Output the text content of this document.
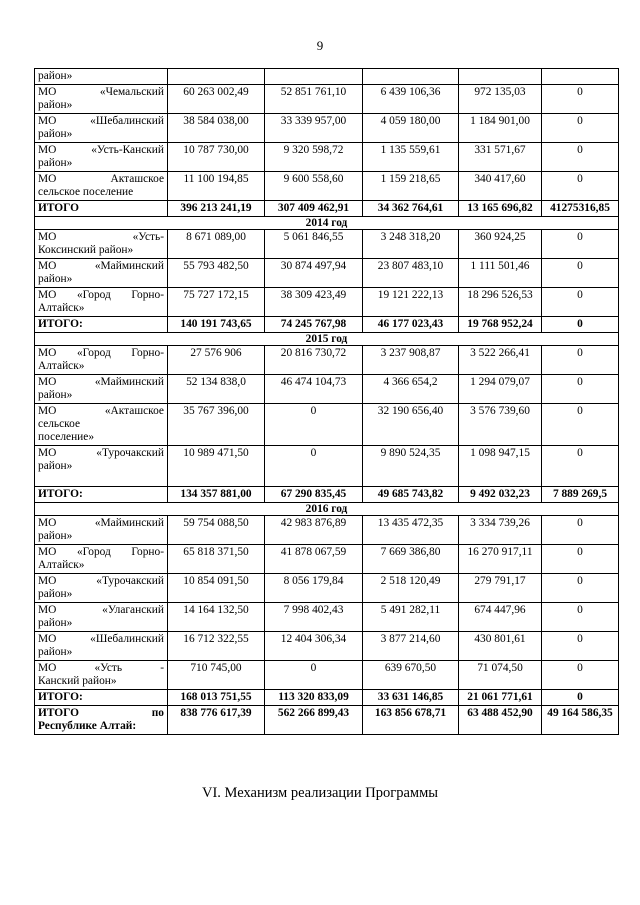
9
район»					

МО «Чемальский
район»	60 263 002,49	52 851 761,10	6 439 106,36	972 135,03	0

МО «Шебалинский
район»	38 584 038,00	33 339 957,00	4 059 180,00	1 184 901,00	0

МО «Усть-Канский
район»	10 787 730,00	9 320 598,72	1 135 559,61	331 571,67	0

МО Акташское
сельское поселение	11 100 194,85	9 600 558,60	1 159 218,65	340 417,60	0

ИТОГО	396 213 241,19	307 409 462,91	34 362 764,61	13 165 696,82	41275316,85
2014 год					

МО «Усть-
Коксинский район»	8 671 089,00	5 061 846,55	3 248 318,20	360 924,25	0

МО «Майминский
район»	55 793 482,50	30 874 497,94	23 807 483,10	1 111 501,46	0

МО «Город Горно-
Алтайск»	75 727 172,15	38 309 423,49	19 121 222,13	18 296 526,53	0

ИТОГО:	140 191 743,65	74 245 767,98	46 177 023,43	19 768 952,24	0
2015 год					

МО «Город Горно-
Алтайск»	27 576 906	20 816 730,72	3 237 908,87	3 522 266,41	0

МО «Майминский
район»	52 134 838,0	46 474 104,73	4 366 654,2	1 294 079,07	0

МО «Акташское
сельское
поселение»	35 767 396,00	0	32 190 656,40	3 576 739,60	0

МО «Турочакский
район»	10 989 471,50	0	9 890 524,35	1 098 947,15	0

ИТОГО:	134 357 881,00	67 290 835,45	49 685 743,82	9 492 032,23	7 889 269,5
2016 год					

МО «Майминский
район»	59 754 088,50	42 983 876,89	13 435 472,35	3 334 739,26	0

МО «Город Горно-
Алтайск»	65 818 371,50	41 878 067,59	7 669 386,80	16 270 917,11	0

МО «Турочакский
район»	10 854 091,50	8 056 179,84	2 518 120,49	279 791,17	0

МО «Улаганский
район»	14 164 132,50	7 998 402,43	5 491 282,11	674 447,96	0

МО «Шебалинский
район»	16 712 322,55	12 404 306,34	3 877 214,60	430 801,61	0

МО «Усть -
Канский район»	710 745,00	0	639 670,50	71 074,50	0

ИТОГО:	168 013 751,55	113 320 833,09	33 631 146,85	21 061 771,61	0

ИТОГО по
Республике Алтай:	838 776 617,39	562 266 899,43	163 856 678,71	63 488 452,90	49 164 586,35
VI. Механизм реализации Программы
